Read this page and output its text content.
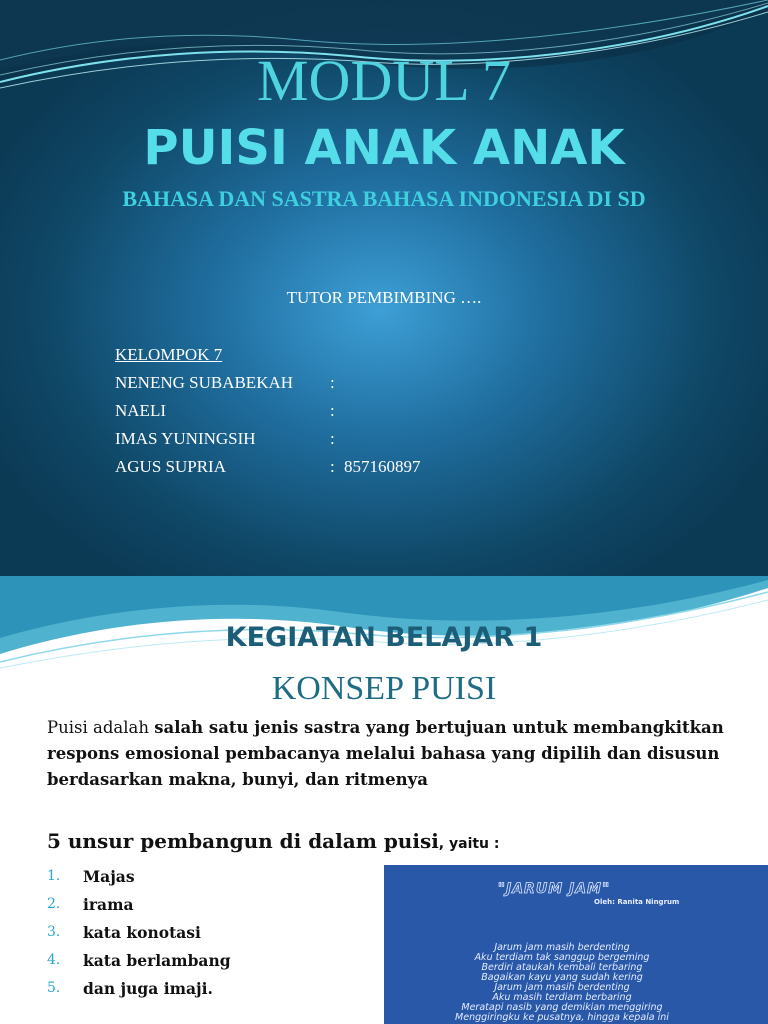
MODUL 7
PUISI ANAK ANAK
BAHASA DAN SASTRA BAHASA INDONESIA DI SD
TUTOR PEMBIMBING ….
KELOMPOK 7
NENENG SUBABEKAH	:
NAELI	:
IMAS YUNINGSIH	:
AGUS SUPRIA	: 857160897
KEGIATAN BELAJAR 1
KONSEP PUISI
Puisi adalah salah satu jenis sastra yang bertujuan untuk membangkitkan respons emosional pembacanya melalui bahasa yang dipilih dan disusun berdasarkan makna, bunyi, dan ritmenya
5 unsur pembangun di dalam puisi, yaitu :
1.	Majas
2.	irama
3.	kata konotasi
4.	kata berlambang
5.	dan juga imaji.
"JARUM JAM"
Oleh: Ranita Ningrum
Jarum jam masih berdenting
Aku terdiam tak sanggup bergeming
Berdiri ataukah kembali terbaring
Bagaikan kayu yang sudah kering
Jarum jam masih berdenting
Aku masih terdiam berbaring
Meratapi nasib yang demikian menggiring
Menggiringku ke pusatnya, hingga kepala ini
